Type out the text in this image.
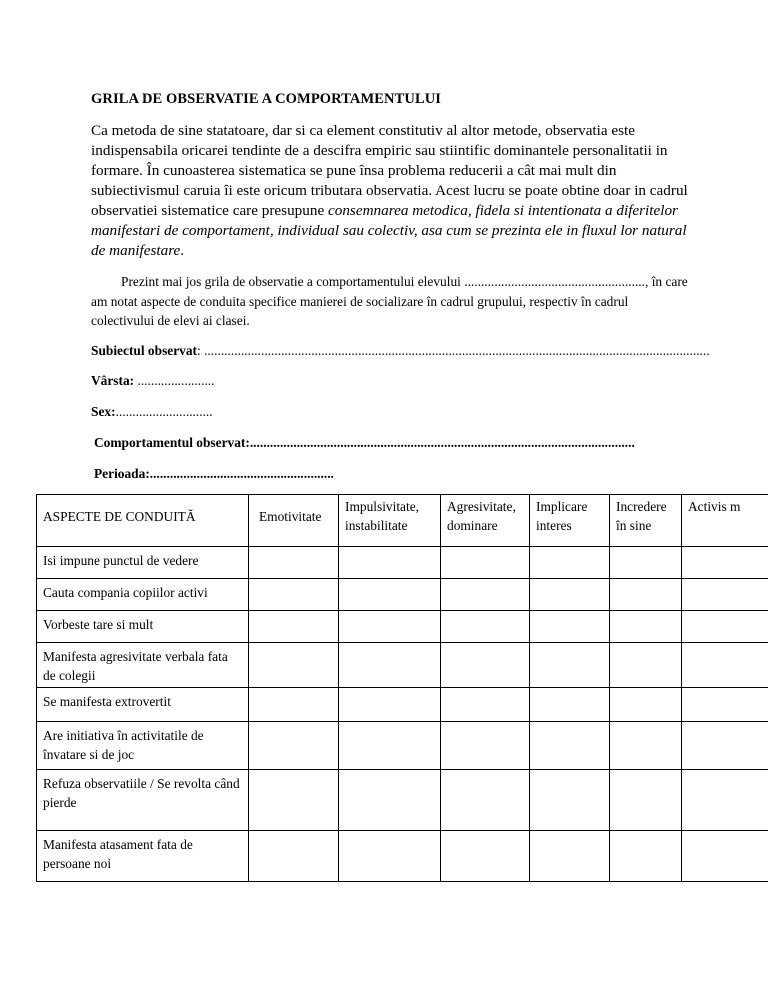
GRILA DE OBSERVATIE A COMPORTAMENTULUI
Ca metoda de sine statatoare, dar si ca element constitutiv al altor metode, observatia este indispensabila oricarei tendinte de a descifra empiric sau stiintific dominantele personalitatii in formare. În cunoasterea sistematica se pune însa problema reducerii a cât mai mult din subiectivismul caruia îi este oricum tributara observatia. Acest lucru se poate obtine doar in cadrul observatiei sistematice care presupune consemnarea metodica, fidela si intentionata a diferitelor manifestari de comportament, individual sau colectiv, asa cum se prezinta ele in fluxul lor natural de manifestare.
Prezint mai jos grila de observatie a comportamentului elevului ......................................................, în care am notat aspecte de conduita specifice manierei de socializare în cadrul grupului, respectiv în cadrul colectivului de elevi ai clasei.
Subiectul observat: .......................................................................................................................................................
Vârsta: .......................
Sex:.............................
Comportamentul observat:...................................................................................................................
Perioada:.......................................................
ASPECTE DE CONDUITĂ	Emotivitate	Impulsivitate, instabilitate	Agresivitate, dominare	Implicare interes	Incredere în sine	Activis m
Isi impune punctul de vedere						
Cauta compania copiilor activi						
Vorbeste tare si mult						
Manifesta agresivitate verbala fata de colegii						
Se manifesta extrovertit						
Are initiativa în activitatile de învatare si de joc						
Refuza observatiile / Se revolta când pierde						
Manifesta atasament fata de persoane noi						
